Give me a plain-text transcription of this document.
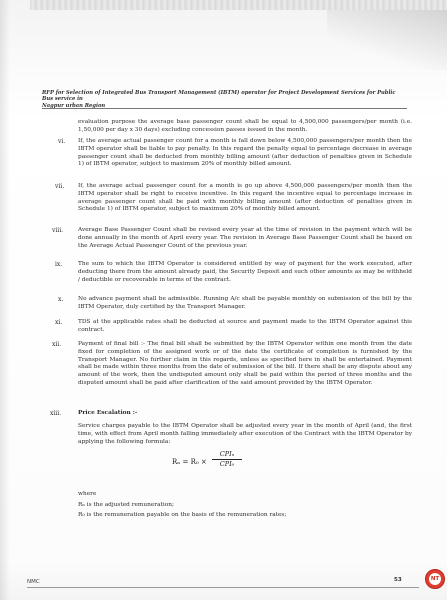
RFP for Selection of Integrated Bus Transport Management (IBTM) operator for Project Development Services for Public Bus service in
Nagpur urban Region
evaluation purpose the average base passenger count shall be equal to 4,500,000 passengers/per month (i.e. 1,50,000 per day x 30 days) excluding concession passes issued in the month.
vi. If, the average actual passenger count for a month is fall down below 4,500,000 passengers/per month then the IBTM operator shall be liable to pay penalty. In this regard the penalty equal to percentage decrease in average passenger count shall be deducted from monthly billing amount (after deduction of penalties given in Schedule 1) of IBTM operator, subject to maximum 20% of monthly billed amount.
vii. If, the average actual passenger count for a month is go up above 4,500,000 passengers/per month then the IBTM operator shall be right to receive incentive. In this regard the incentive equal to percentage increase in average passenger count shall be paid with monthly billing amount (after deduction of penalties given in Schedule 1) of IBTM operator, subject to maximum 20% of monthly billed amount.
viii.	Average Base Passenger Count shall be revised every year at the time of revision in the payment which will be done annually in the month of April every year. The revision in Average Base Passenger Count shall be based on the Average Actual Passenger Count of the previous year.
ix.	The sum to which the IBTM Operator is considered entitled by way of payment for the work executed, after deducting there from the amount already paid, the Security Deposit and such other amounts as may be withheld / deductible or recoverable in terms of the contract.
x.	No advance payment shall be admissible. Running A/c shall be payable monthly on submission of the bill by the IBTM Operator, duly certified by the Transport Manager.
xi.	TDS at the applicable rates shall be deducted at source and payment made to the IBTM Operator against this contract.
xii.	Payment of final bill :- The final bill shall be submitted by the IBTM Operator within one month from the date fixed for completion of the assigned work or of the date the certificate of completion is furnished by the Transport Manager. No further claim in this regards, unless as specified here in shall be entertained. Payment shall be made within three months from the date of submission of the bill. If there shall be any dispute about any amount of the work, then the undisputed amount only shall be paid within the period of three months and the disputed amount shall be paid after clarification of the said amount provided by the IBTM Operator.
xiii.	Price Escalation :-
Service charges payable to the IBTM Operator shall be adjusted every year in the month of April (and, the first time, with effect from April month falling immediately after execution of the Contract with the IBTM Operator by applying the following formula:
Rₙ = R₀ ×
CPIₙ
CPI₀
where
Rₙ is the adjusted remuneration;
R₀ is the remuneration payable on the basis of the remuneration rates;
NMC	53	NT
